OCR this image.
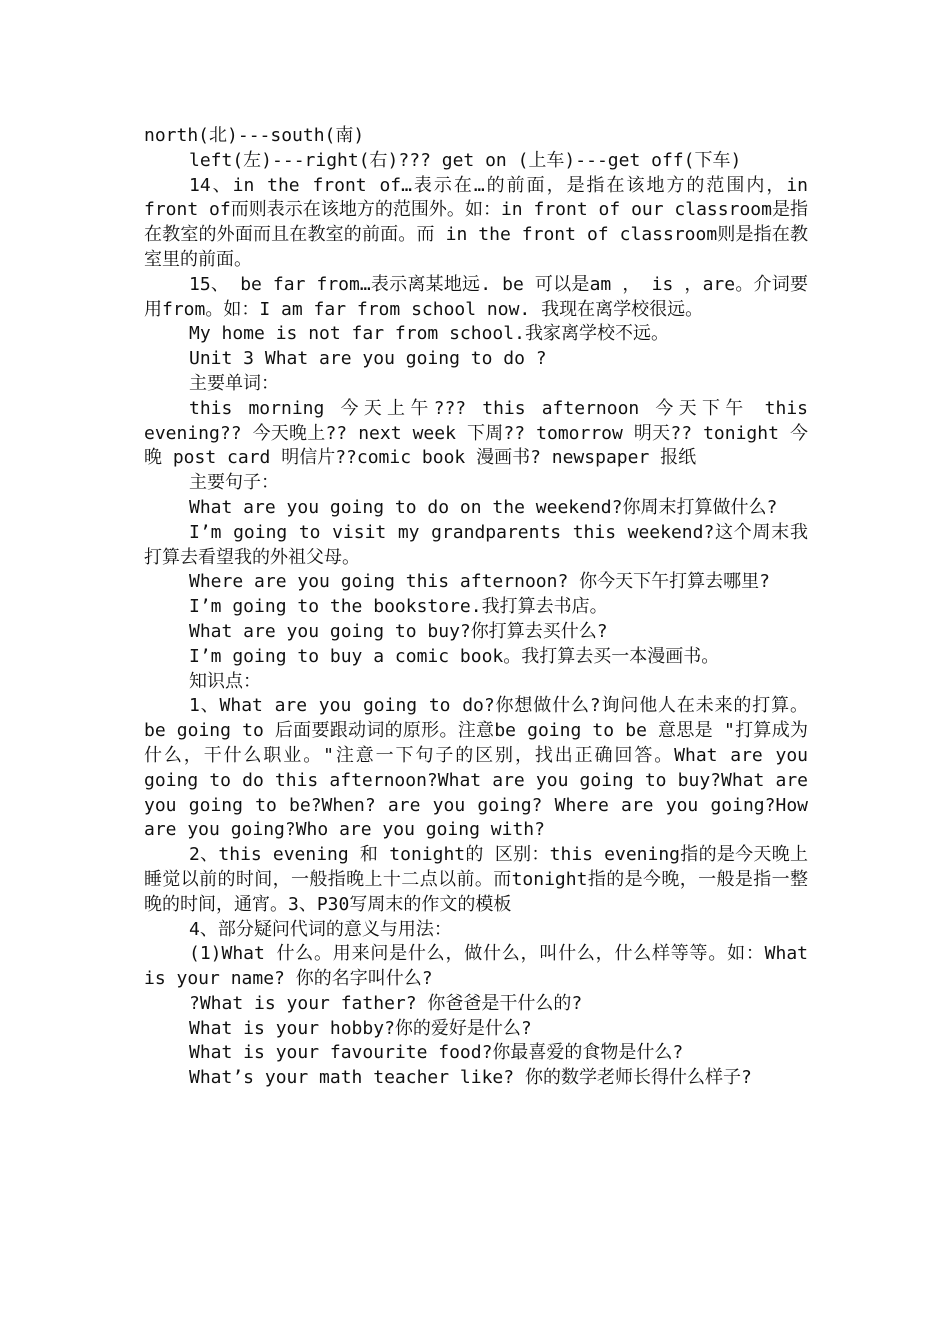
north(北)---south(南)

left(左)---right(右)??? get on (上车)---get off(下车)

14、in the front of…表示在…的前面，是指在该地方的范围内，in front of而则表示在该地方的范围外。如：in front of our classroom是指在教室的外面而且在教室的前面。而 in the front of classroom则是指在教室里的前面。

15、 be far from…表示离某地远. be 可以是am ， is ，are。介词要用from。如：I am far from school now. 我现在离学校很远。

My home is not far from school.我家离学校不远。

Unit 3 What are you going to do ?

主要单词：

this morning 今天上午??? this afternoon 今天下午 this evening?? 今天晚上?? next week 下周?? tomorrow 明天?? tonight 今晚 post card 明信片??comic book 漫画书? newspaper 报纸

主要句子：

What are you going to do on the weekend?你周末打算做什么?

I’m going to visit my grandparents this weekend?这个周末我打算去看望我的外祖父母。

Where are you going this afternoon? 你今天下午打算去哪里?

I’m going to the bookstore.我打算去书店。

What are you going to buy?你打算去买什么?

I’m going to buy a comic book。我打算去买一本漫画书。

知识点：

1、What are you going to do?你想做什么?询问他人在未来的打算。be going to 后面要跟动词的原形。注意be going to be 意思是 "打算成为什么，干什么职业。"注意一下句子的区别，找出正确回答。What are you going to do this afternoon?What are you going to buy?What are you going to be?When? are you going? Where are you going?How are you going?Who are you going with?

2、this evening 和 tonight的 区别：this evening指的是今天晚上睡觉以前的时间，一般指晚上十二点以前。而tonight指的是今晚，一般是指一整晚的时间，通宵。3、P30写周末的作文的模板

4、部分疑问代词的意义与用法：

(1)What 什么。用来问是什么，做什么，叫什么，什么样等等。如：What is your name? 你的名字叫什么?

?What is your father? 你爸爸是干什么的?

What is your hobby?你的爱好是什么?

What is your favourite food?你最喜爱的食物是什么?

What’s your math teacher like? 你的数学老师长得什么样子?
